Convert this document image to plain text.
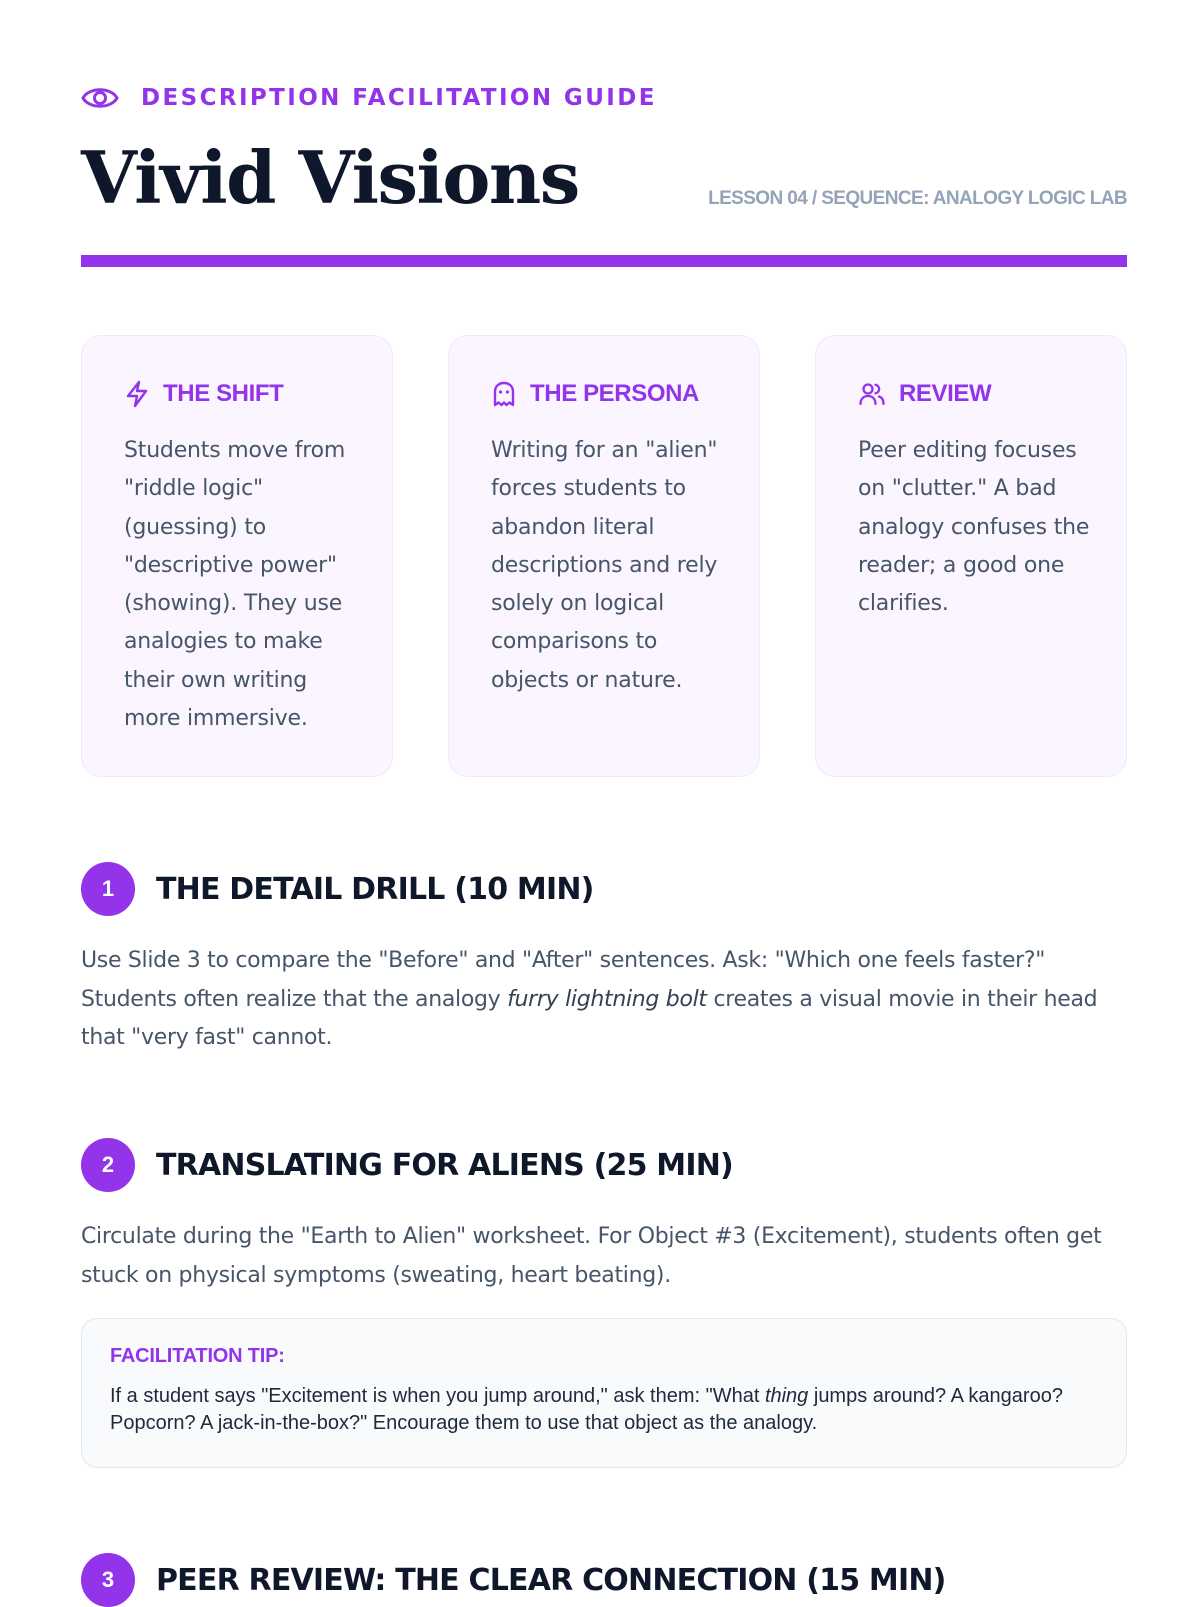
DESCRIPTION FACILITATION GUIDE
Vivid Visions	LESSON 04 / SEQUENCE: ANALOGY LOGIC LAB
THE SHIFT
Students move from "riddle logic" (guessing) to "descriptive power" (showing). They use analogies to make their own writing more immersive.
THE PERSONA
Writing for an "alien" forces students to abandon literal descriptions and rely solely on logical comparisons to objects or nature.
REVIEW
Peer editing focuses on "clutter." A bad analogy confuses the reader; a good one clarifies.
1	THE DETAIL DRILL (10 MIN)

Use Slide 3 to compare the "Before" and "After" sentences. Ask: "Which one feels faster?" Students often realize that the analogy furry lightning bolt creates a visual movie in their head that "very fast" cannot.

2	TRANSLATING FOR ALIENS (25 MIN)

Circulate during the "Earth to Alien" worksheet. For Object #3 (Excitement), students often get stuck on physical symptoms (sweating, heart beating).

FACILITATION TIP:
If a student says "Excitement is when you jump around," ask them: "What thing jumps around? A kangaroo? Popcorn? A jack-in-the-box?" Encourage them to use that object as the analogy.
3	PEER REVIEW: THE CLEAR CONNECTION (15 MIN)
